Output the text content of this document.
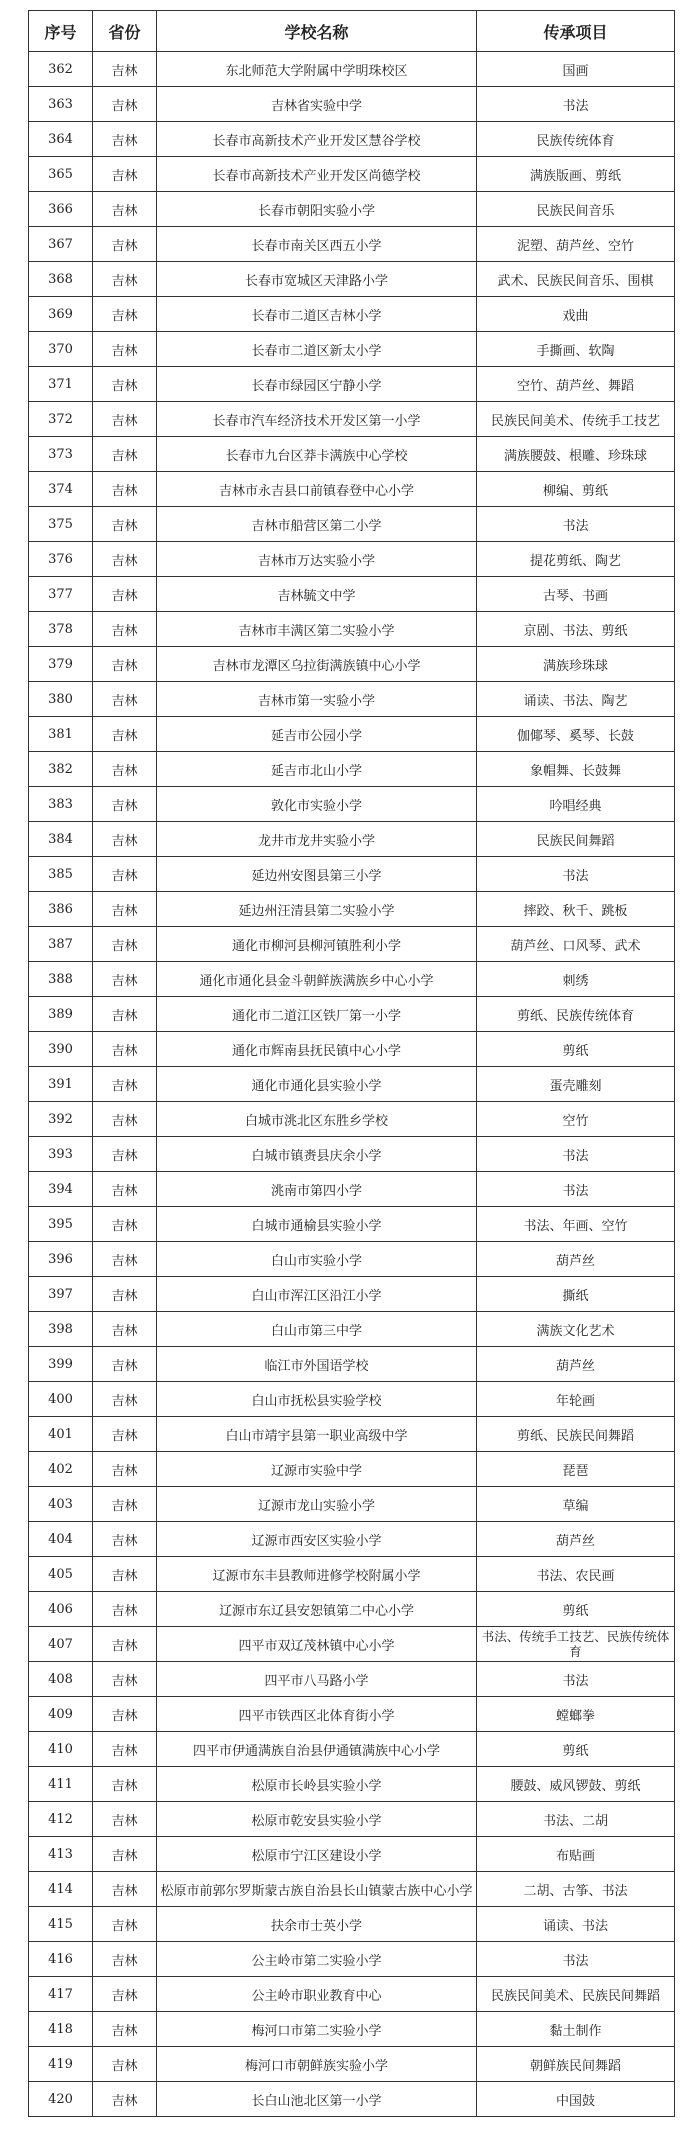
序号	省份	学校名称	传承项目
362	吉林	东北师范大学附属中学明珠校区	国画
363	吉林	吉林省实验中学	书法
364	吉林	长春市高新技术产业开发区慧谷学校	民族传统体育
365	吉林	长春市高新技术产业开发区尚德学校	满族版画、剪纸
366	吉林	长春市朝阳实验小学	民族民间音乐
367	吉林	长春市南关区西五小学	泥塑、葫芦丝、空竹
368	吉林	长春市宽城区天津路小学	武术、民族民间音乐、围棋
369	吉林	长春市二道区吉林小学	戏曲
370	吉林	长春市二道区新太小学	手撕画、软陶
371	吉林	长春市绿园区宁静小学	空竹、葫芦丝、舞蹈
372	吉林	长春市汽车经济技术开发区第一小学	民族民间美术、传统手工技艺
373	吉林	长春市九台区莽卡满族中心学校	满族腰鼓、根雕、珍珠球
374	吉林	吉林市永吉县口前镇春登中心小学	柳编、剪纸
375	吉林	吉林市船营区第二小学	书法
376	吉林	吉林市万达实验小学	提花剪纸、陶艺
377	吉林	吉林毓文中学	古琴、书画
378	吉林	吉林市丰满区第二实验小学	京剧、书法、剪纸
379	吉林	吉林市龙潭区乌拉街满族镇中心小学	满族珍珠球
380	吉林	吉林市第一实验小学	诵读、书法、陶艺
381	吉林	延吉市公园小学	伽倻琴、奚琴、长鼓
382	吉林	延吉市北山小学	象帽舞、长鼓舞
383	吉林	敦化市实验小学	吟唱经典
384	吉林	龙井市龙井实验小学	民族民间舞蹈
385	吉林	延边州安图县第三小学	书法
386	吉林	延边州汪清县第二实验小学	摔跤、秋千、跳板
387	吉林	通化市柳河县柳河镇胜利小学	葫芦丝、口风琴、武术
388	吉林	通化市通化县金斗朝鲜族满族乡中心小学	刺绣
389	吉林	通化市二道江区铁厂第一小学	剪纸、民族传统体育
390	吉林	通化市辉南县抚民镇中心小学	剪纸
391	吉林	通化市通化县实验小学	蛋壳雕刻
392	吉林	白城市洮北区东胜乡学校	空竹
393	吉林	白城市镇赉县庆余小学	书法
394	吉林	洮南市第四小学	书法
395	吉林	白城市通榆县实验小学	书法、年画、空竹
396	吉林	白山市实验小学	葫芦丝
397	吉林	白山市浑江区沿江小学	撕纸
398	吉林	白山市第三中学	满族文化艺术
399	吉林	临江市外国语学校	葫芦丝
400	吉林	白山市抚松县实验学校	年轮画
401	吉林	白山市靖宇县第一职业高级中学	剪纸、民族民间舞蹈
402	吉林	辽源市实验中学	琵琶
403	吉林	辽源市龙山实验小学	草编
404	吉林	辽源市西安区实验小学	葫芦丝
405	吉林	辽源市东丰县教师进修学校附属小学	书法、农民画
406	吉林	辽源市东辽县安恕镇第二中心小学	剪纸
407	吉林	四平市双辽茂林镇中心小学	书法、传统手工技艺、民族传统体育
408	吉林	四平市八马路小学	书法
409	吉林	四平市铁西区北体育街小学	螳螂拳
410	吉林	四平市伊通满族自治县伊通镇满族中心小学	剪纸
411	吉林	松原市长岭县实验小学	腰鼓、威风锣鼓、剪纸
412	吉林	松原市乾安县实验小学	书法、二胡
413	吉林	松原市宁江区建设小学	布贴画
414	吉林	松原市前郭尔罗斯蒙古族自治县长山镇蒙古族中心小学	二胡、古筝、书法
415	吉林	扶余市士英小学	诵读、书法
416	吉林	公主岭市第二实验小学	书法
417	吉林	公主岭市职业教育中心	民族民间美术、民族民间舞蹈
418	吉林	梅河口市第二实验小学	黏土制作
419	吉林	梅河口市朝鲜族实验小学	朝鲜族民间舞蹈
420	吉林	长白山池北区第一小学	中国鼓
